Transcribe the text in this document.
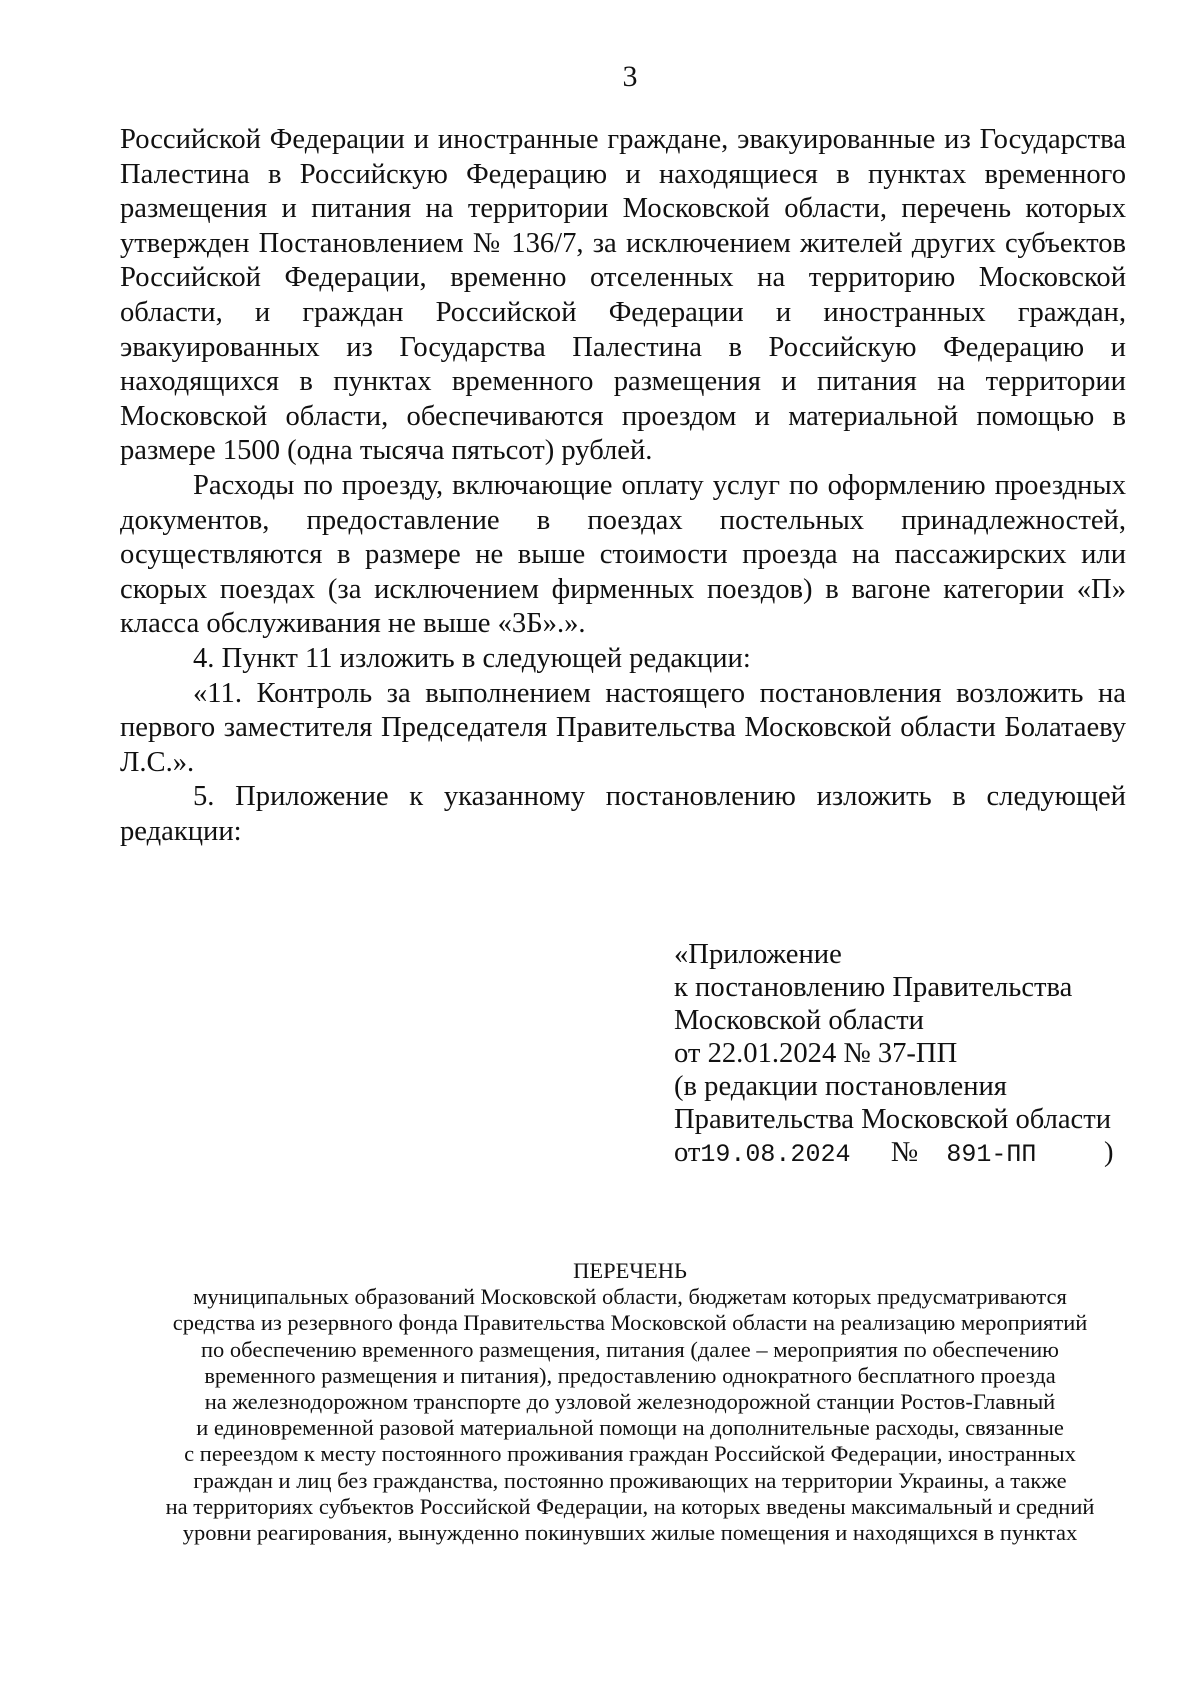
3

Российской Федерации и иностранные граждане, эвакуированные из Государства Палестина в Российскую Федерацию и находящиеся в пунктах временного размещения и питания на территории Московской области, перечень которых утвержден Постановлением № 136/7, за исключением жителей других субъектов Российской Федерации, временно отселенных на территорию Московской области, и граждан Российской Федерации и иностранных граждан, эвакуированных из Государства Палестина в Российскую Федерацию и находящихся в пунктах временного размещения и питания на территории Московской области, обеспечиваются проездом и материальной помощью в размере 1500 (одна тысяча пятьсот) рублей.

Расходы по проезду, включающие оплату услуг по оформлению проездных документов, предоставление в поездах постельных принадлежностей, осуществляются в размере не выше стоимости проезда на пассажирских или скорых поездах (за исключением фирменных поездов) в вагоне категории «П» класса обслуживания не выше «3Б».».

4. Пункт 11 изложить в следующей редакции:

«11. Контроль за выполнением настоящего постановления возложить на первого заместителя Председателя Правительства Московской области Болатаеву Л.С.».

5. Приложение к указанному постановлению изложить в следующей редакции:

«Приложение
к постановлению Правительства
Московской области
от 22.01.2024 № 37-ПП
(в редакции постановления
Правительства Московской области
от19.08.2024 № 891-ПП )
ПЕРЕЧЕНЬ
муниципальных образований Московской области, бюджетам которых предусматриваются
средства из резервного фонда Правительства Московской области на реализацию мероприятий
по обеспечению временного размещения, питания (далее – мероприятия по обеспечению
временного размещения и питания), предоставлению однократного бесплатного проезда
на железнодорожном транспорте до узловой железнодорожной станции Ростов-Главный
и единовременной разовой материальной помощи на дополнительные расходы, связанные
с переездом к месту постоянного проживания граждан Российской Федерации, иностранных
граждан и лиц без гражданства, постоянно проживающих на территории Украины, а также
на территориях субъектов Российской Федерации, на которых введены максимальный и средний
уровни реагирования, вынужденно покинувших жилые помещения и находящихся в пунктах
